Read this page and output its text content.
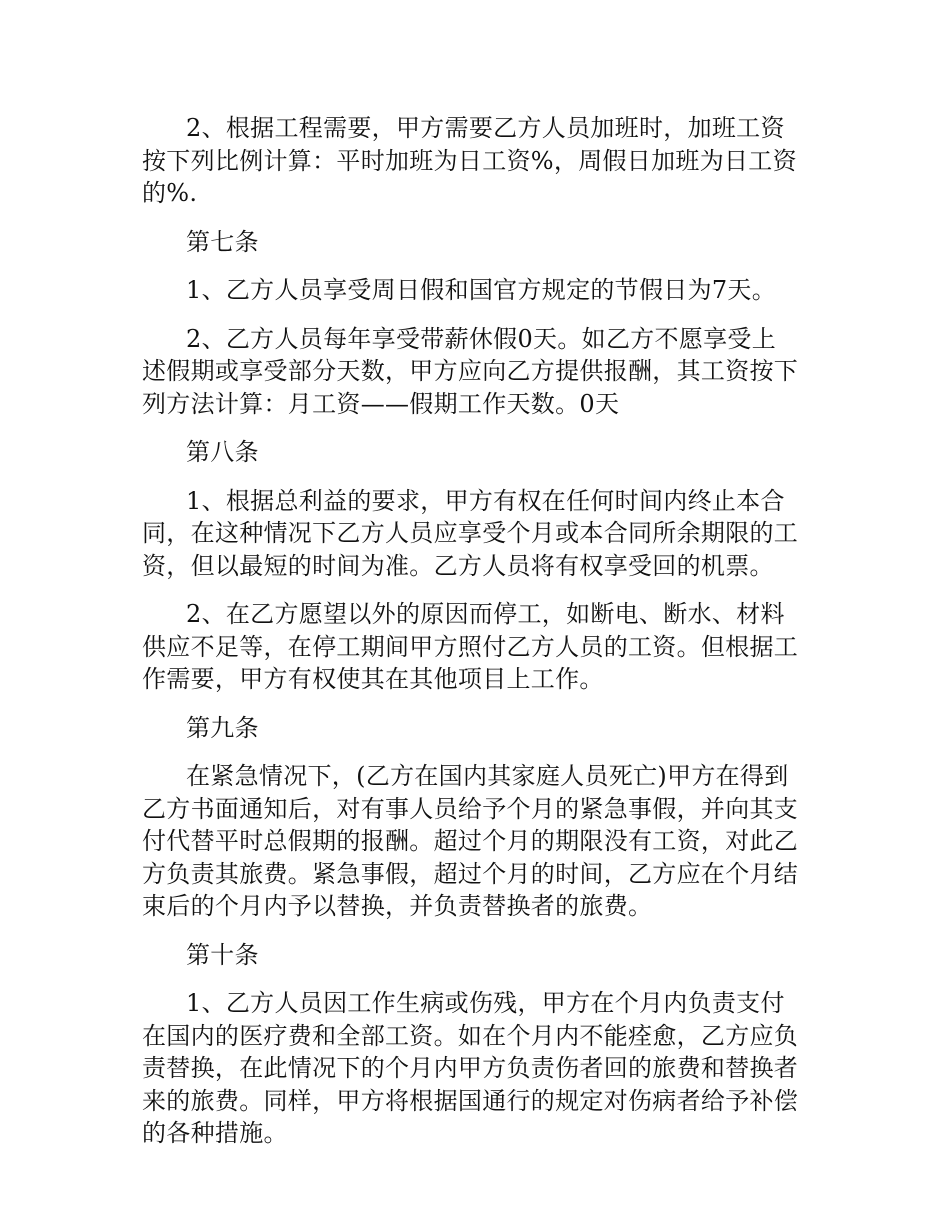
2、根据工程需要，甲方需要乙方人员加班时，加班工资
按下列比例计算：平时加班为日工资%，周假日加班为日工资
的%.
第七条
1、乙方人员享受周日假和国官方规定的节假日为7天。
2、乙方人员每年享受带薪休假0天。如乙方不愿享受上
述假期或享受部分天数，甲方应向乙方提供报酬，其工资按下
列方法计算：月工资——假期工作天数。0天
第八条
1、根据总利益的要求，甲方有权在任何时间内终止本合
同，在这种情况下乙方人员应享受个月或本合同所余期限的工
资，但以最短的时间为准。乙方人员将有权享受回的机票。
2、在乙方愿望以外的原因而停工，如断电、断水、材料
供应不足等，在停工期间甲方照付乙方人员的工资。但根据工
作需要，甲方有权使其在其他项目上工作。
第九条
在紧急情况下，(乙方在国内其家庭人员死亡)甲方在得到
乙方书面通知后，对有事人员给予个月的紧急事假，并向其支
付代替平时总假期的报酬。超过个月的期限没有工资，对此乙
方负责其旅费。紧急事假，超过个月的时间，乙方应在个月结
束后的个月内予以替换，并负责替换者的旅费。
第十条
1、乙方人员因工作生病或伤残，甲方在个月内负责支付
在国内的医疗费和全部工资。如在个月内不能痊愈，乙方应负
责替换，在此情况下的个月内甲方负责伤者回的旅费和替换者
来的旅费。同样，甲方将根据国通行的规定对伤病者给予补偿
的各种措施。
